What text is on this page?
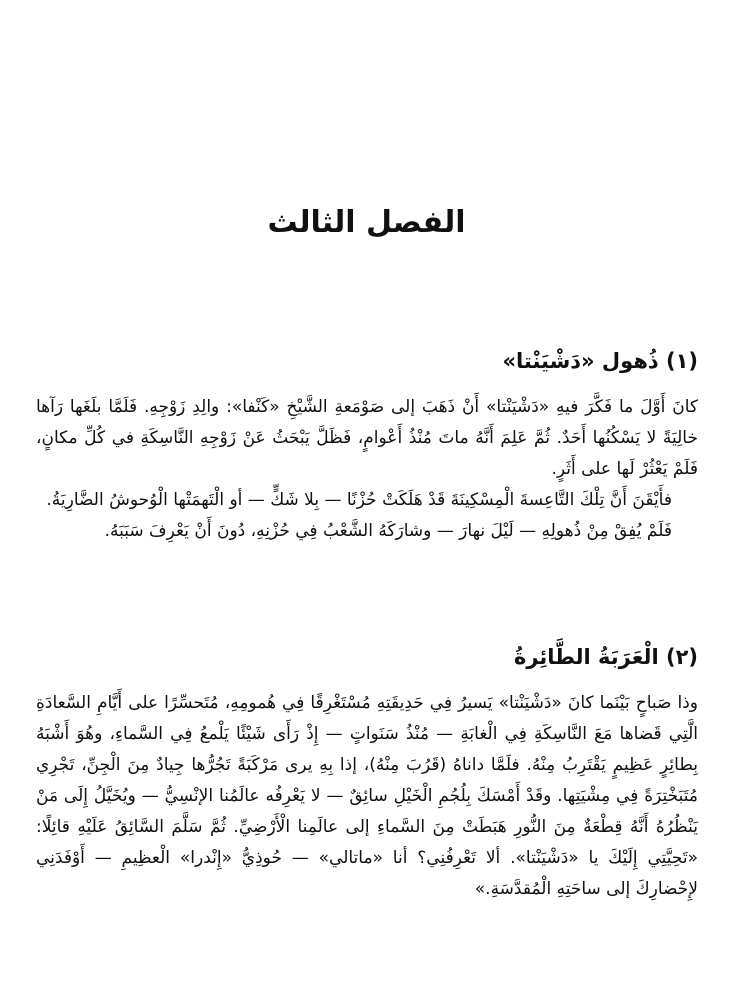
الفصل الثالث
(١) ذُهول «دَشْيَنْتا»

كانَ أَوَّلَ ما فَكَّرَ فيهِ «دَشْيَنْتا» أَنْ ذَهَبَ إلى صَوْمَعةِ الشَّيْخِ «كَنْفا»: والِدِ زَوْجِهِ. فَلَمَّا بلَغَها رَآها خالِيَةً لا يَسْكُنُها أَحَدٌ. ثُمَّ عَلِمَ أَنَّهُ ماتَ مُنْذُ أَعْوامٍ، فَظَلَّ يَبْحَثُ عَنْ زَوْجِهِ النَّاسِكَةِ في كُلِّ مكانٍ، فَلَمْ يَعْثُرْ لَها على أَثَرٍ.

فأَيْقَنَ أَنَّ تِلْكَ التَّاعِسةَ الْمِسْكِينَةَ قَدْ هَلَكَتْ حُزْنًا — بِلا شَكٍّ — أو الْتَهمَتْها الْوُحوشُ الضَّارِيَةُ.

فَلَمْ يُفِقْ مِنْ ذُهولِهِ — لَيْلَ نهارَ — وشارَكَهُ الشَّعْبُ فِي حُزْنِهِ، دُونَ أَنْ يَعْرِفَ سَبَبَهُ.

(٢) الْعَرَبَةُ الطَّائِرةُ

وذا صَباحٍ بَيْنَما كانَ «دَشْيَنْتا» يَسيرُ فِي حَدِيقَتِهِ مُسْتَغْرِقًا فِي هُمومِهِ، مُتَحسِّرًا على أَيَّامِ السَّعادَةِ الَّتِي قَضاها مَعَ النَّاسِكَةِ فِي الْغابَةِ — مُنْذُ سَنَواتٍ — إِذْ رَأَى شَيْئًا يَلْمعُ فِي السَّماءِ، وهُوَ أَشْبَهُ بِطائِرٍ عَظِيمٍ يَقْتَرِبُ مِنْهُ. فلَمَّا داناهُ (قَرُبَ مِنْهُ)، إذا بِهِ يرى مَرْكَبَةً تَجُرُّها جِيادٌ مِنَ الْجِنِّ، تَجْرِي مُتَبَخْتِرَةً فِي مِشْيَتِها. وقَدْ أَمْسَكَ بِلُجُمِ الْخَيْلِ سائِقٌ — لا يَعْرِفُه عالَمُنا الإنْسِيُّ — ويُخَيَّلُ إِلَى مَنْ يَنْظُرُهُ أَنَّهُ قِطْعَةٌ مِنَ النُّورِ هَبَطَتْ مِنَ السَّماءِ إلى عالَمِنا الْأَرْضِيِّ. ثُمَّ سَلَّمَ السَّائِقُ عَلَيْهِ قائِلًا: «تَحِيَّتِي إِلَيْكَ يا «دَشْيَنْتا». ألا تَعْرِفُنِي؟ أنا «ماتالي» — حُوذِيُّ «إِنْدرا» الْعظِيمِ — أَوْفَدَنِي لإِحْضارِكَ إلى ساحَتِهِ الْمُقدَّسَةِ.»
